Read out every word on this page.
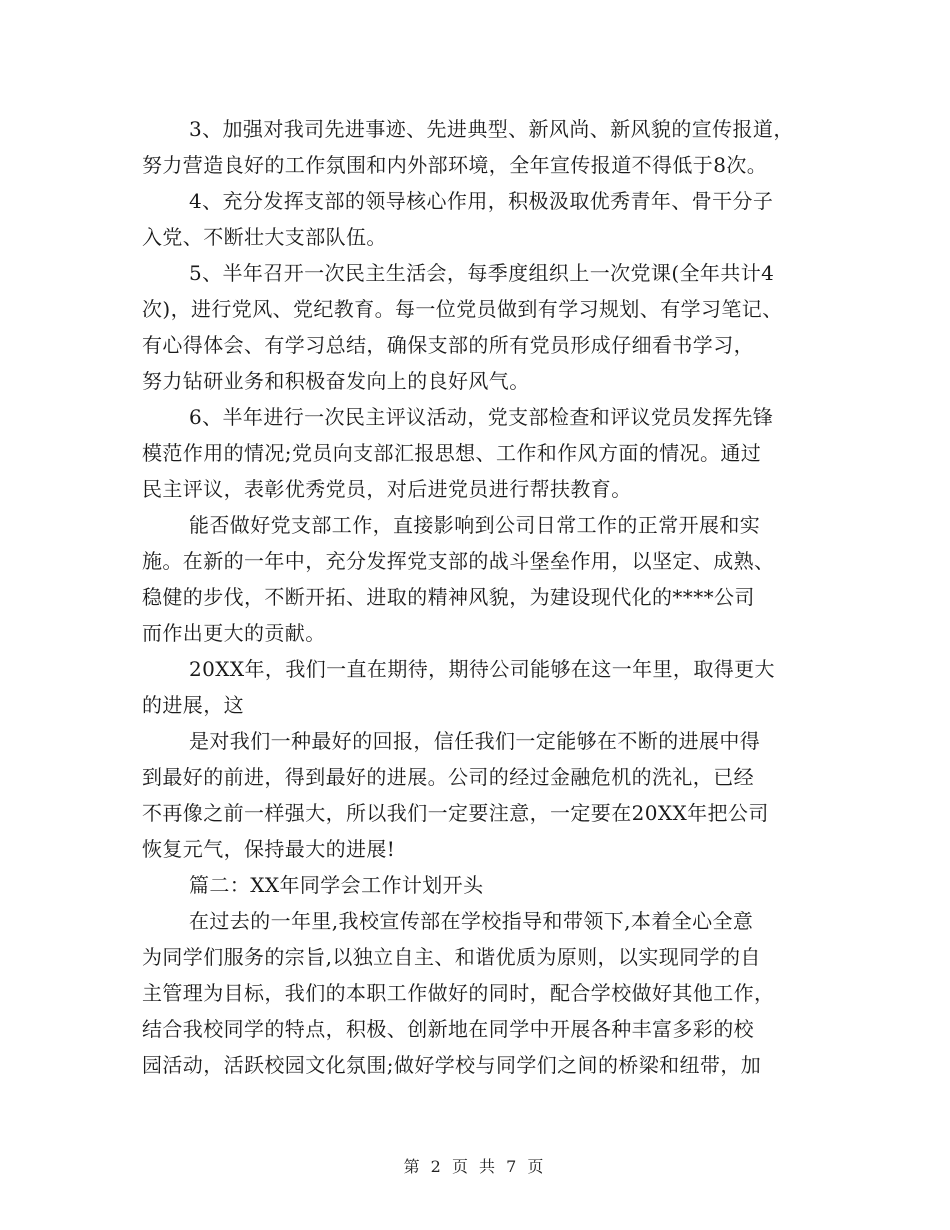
3、加强对我司先进事迹、先进典型、新风尚、新风貌的宣传报道，
努力营造良好的工作氛围和内外部环境，全年宣传报道不得低于8次。
4、充分发挥支部的领导核心作用，积极汲取优秀青年、骨干分子
入党、不断壮大支部队伍。
5、半年召开一次民主生活会，每季度组织上一次党课(全年共计4
次)，进行党风、党纪教育。每一位党员做到有学习规划、有学习笔记、
有心得体会、有学习总结，确保支部的所有党员形成仔细看书学习，
努力钻研业务和积极奋发向上的良好风气。
6、半年进行一次民主评议活动，党支部检查和评议党员发挥先锋
模范作用的情况;党员向支部汇报思想、工作和作风方面的情况。通过
民主评议，表彰优秀党员，对后进党员进行帮扶教育。
能否做好党支部工作，直接影响到公司日常工作的正常开展和实
施。在新的一年中，充分发挥党支部的战斗堡垒作用，以坚定、成熟、
稳健的步伐，不断开拓、进取的精神风貌，为建设现代化的****公司
而作出更大的贡献。
20XX年，我们一直在期待，期待公司能够在这一年里，取得更大
的进展，这
是对我们一种最好的回报，信任我们一定能够在不断的进展中得
到最好的前进，得到最好的进展。公司的经过金融危机的洗礼，已经
不再像之前一样强大，所以我们一定要注意，一定要在20XX年把公司
恢复元气，保持最大的进展!
篇二：XX年同学会工作计划开头
在过去的一年里,我校宣传部在学校指导和带领下,本着全心全意
为同学们服务的宗旨,以独立自主、和谐优质为原则，以实现同学的自
主管理为目标，我们的本职工作做好的同时，配合学校做好其他工作，
结合我校同学的特点，积极、创新地在同学中开展各种丰富多彩的校
园活动，活跃校园文化氛围;做好学校与同学们之间的桥梁和纽带，加
第 2 页 共 7 页
